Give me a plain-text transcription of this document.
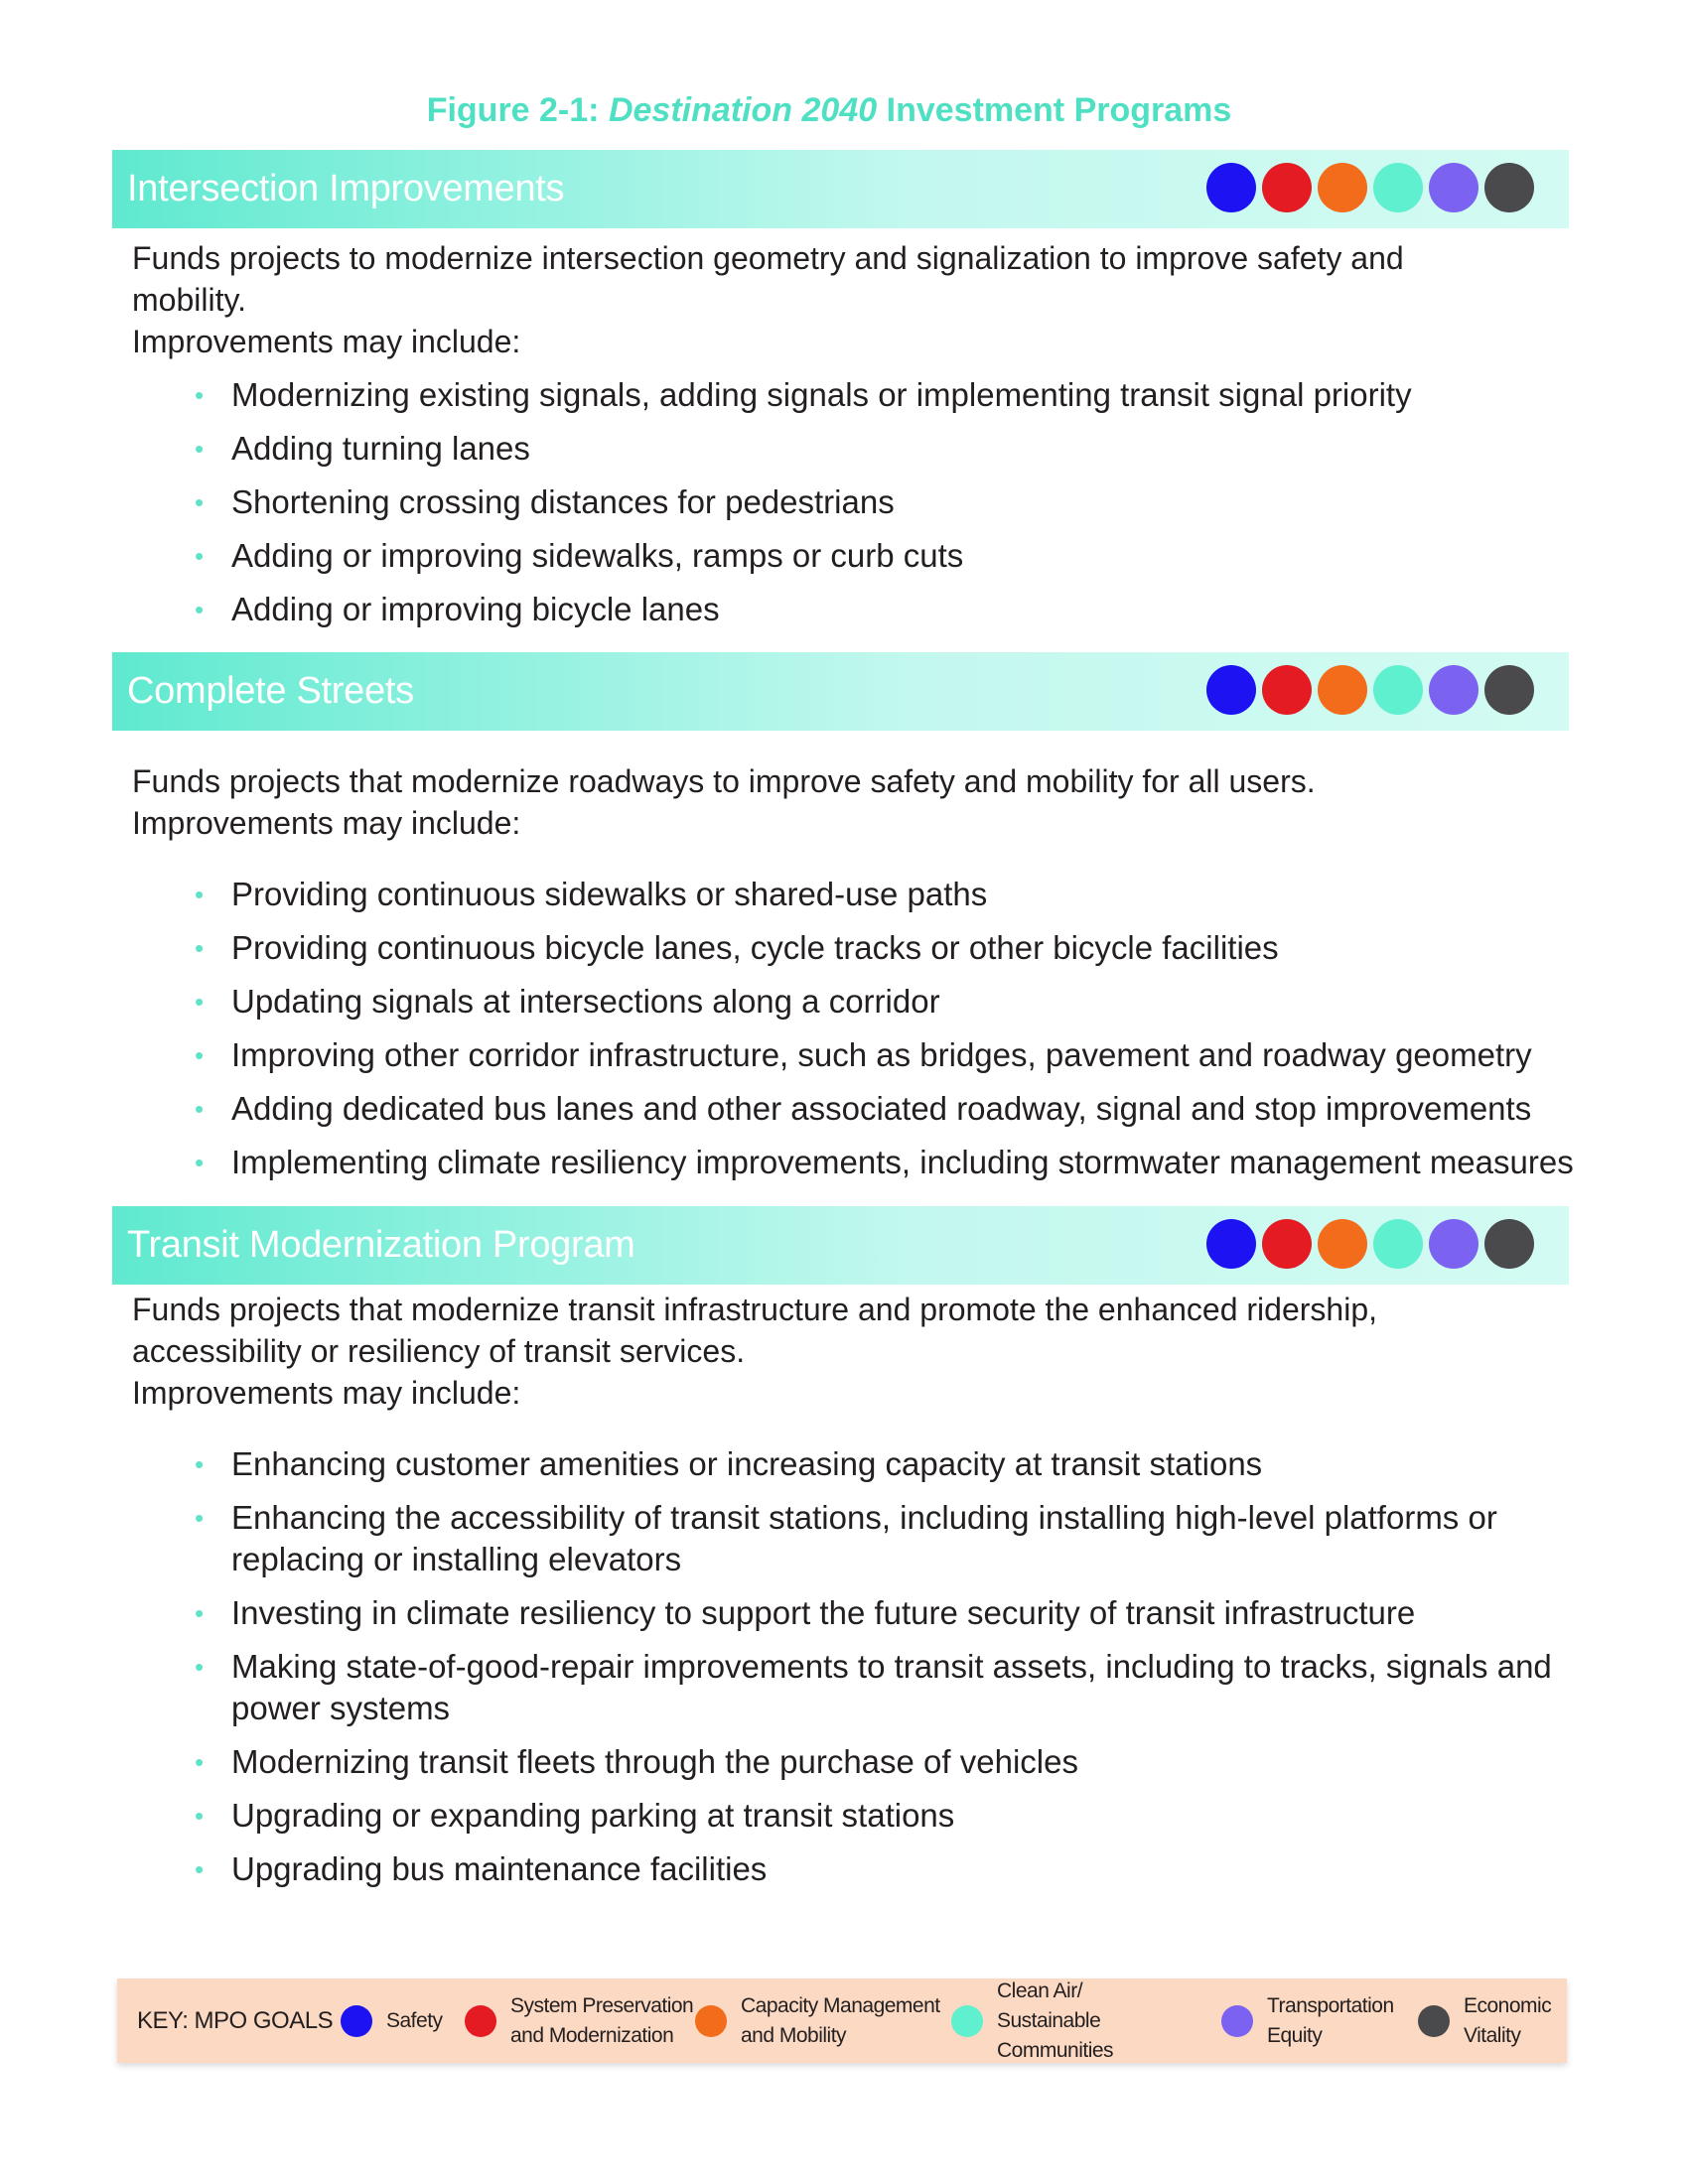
Figure 2-1: Destination 2040 Investment Programs
Intersection Improvements

Funds projects to modernize intersection geometry and signalization to improve safety and mobility.

Improvements may include:

• Modernizing existing signals, adding signals or implementing transit signal priority
• Adding turning lanes
• Shortening crossing distances for pedestrians
• Adding or improving sidewalks, ramps or curb cuts
• Adding or improving bicycle lanes
Complete Streets

Funds projects that modernize roadways to improve safety and mobility for all users.

Improvements may include:

• Providing continuous sidewalks or shared-use paths
• Providing continuous bicycle lanes, cycle tracks or other bicycle facilities
• Updating signals at intersections along a corridor
• Improving other corridor infrastructure, such as bridges, pavement and roadway geometry
• Adding dedicated bus lanes and other associated roadway, signal and stop improvements
• Implementing climate resiliency improvements, including stormwater management measures
Transit Modernization Program

Funds projects that modernize transit infrastructure and promote the enhanced ridership, accessibility or resiliency of transit services.

Improvements may include:

• Enhancing customer amenities or increasing capacity at transit stations
• Enhancing the accessibility of transit stations, including installing high-level platforms or replacing or installing elevators
• Investing in climate resiliency to support the future security of transit infrastructure
• Making state-of-good-repair improvements to transit assets, including to tracks, signals and power systems
• Modernizing transit fleets through the purchase of vehicles
• Upgrading or expanding parking at transit stations
• Upgrading bus maintenance facilities
KEY: MPO GOALS	Safety
System Preservation
and Modernization
Capacity Management
and Mobility
Clean Air/
Sustainable Communities
Transportation
Equity
Economic
Vitality
